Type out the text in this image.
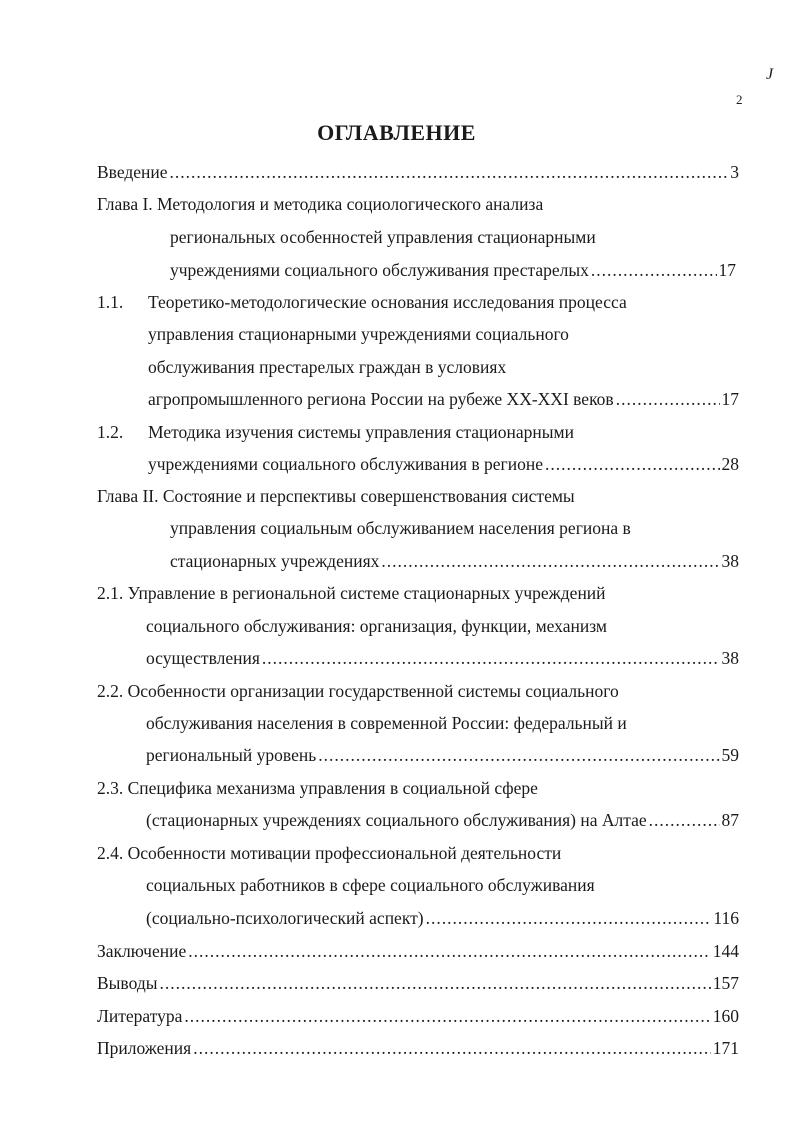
J
2
ОГЛАВЛЕНИЕ
Введение .....	3
Глава I. Методология и методика социологического анализа
региональных особенностей управления стационарными
учреждениями социального обслуживания престарелых .....	17
1.1. Теоретико-методологические основания исследования процесса
управления стационарными учреждениями социального
обслуживания престарелых граждан в условиях
агропромышленного региона России на рубеже XX-XXI веков .....	17
1.2. Методика изучения системы управления стационарными
учреждениями социального обслуживания в регионе .....	28
Глава II. Состояние и перспективы совершенствования системы
управления социальным обслуживанием населения региона в
стационарных учреждениях .....	38
2.1. Управление в региональной системе стационарных учреждений
социального обслуживания: организация, функции, механизм
осуществления .....	38
2.2. Особенности организации государственной системы социального
обслуживания населения в современной России: федеральный и
региональный уровень .....	59
2.3. Специфика механизма управления в социальной сфере
(стационарных учреждениях социального обслуживания) на Алтае .....	87
2.4. Особенности мотивации профессиональной деятельности
социальных работников в сфере социального обслуживания
(социально-психологический аспект) .....	116
Заключение .....	144
Выводы .....	157
Литература .....	160
Приложения .....	171
